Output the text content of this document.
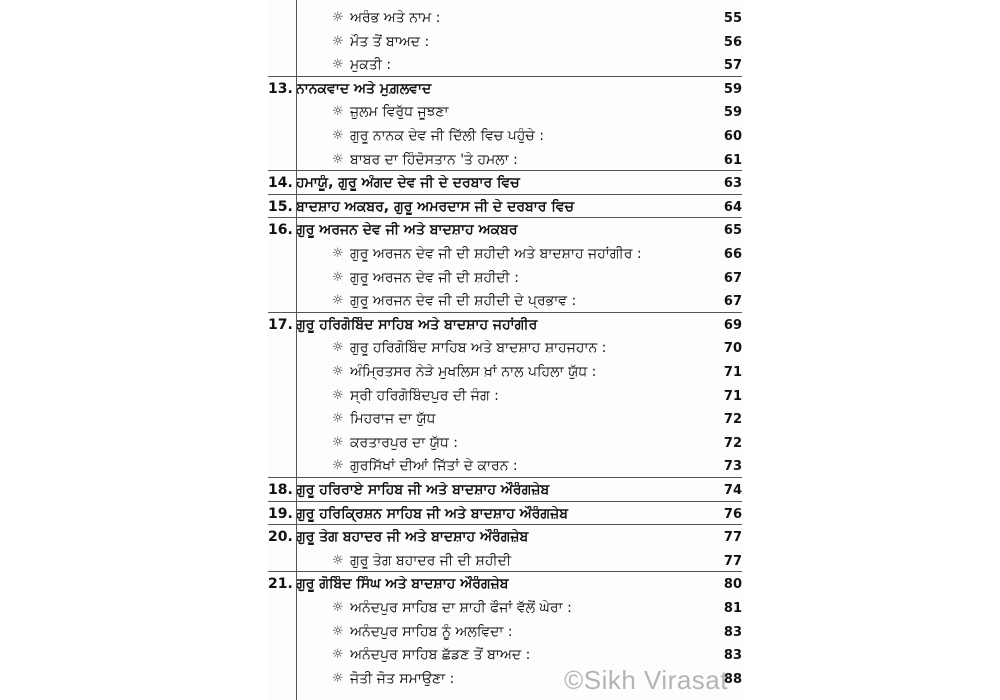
☼ ਅਰੰਭ ਅਤੇ ਨਾਮ :	55
☼ ਮੌਤ ਤੋਂ ਬਾਅਦ :	56
☼ ਮੁਕਤੀ :	57
13. ਨਾਨਕਵਾਦ ਅਤੇ ਮੁਗ਼ਲਵਾਦ	59
☼ ਜ਼ੁਲਮ ਵਿਰੁੱਧ ਜੂਝਣਾ	59
☼ ਗੁਰੂ ਨਾਨਕ ਦੇਵ ਜੀ ਦਿੱਲੀ ਵਿਚ ਪਹੁੰਚੇ :	60
☼ ਬਾਬਰ ਦਾ ਹਿੰਦੋਸਤਾਨ 'ਤੇ ਹਮਲਾ :	61
14. ਹਮਾਯੂੰ, ਗੁਰੂ ਅੰਗਦ ਦੇਵ ਜੀ ਦੇ ਦਰਬਾਰ ਵਿਚ	63
15. ਬਾਦਸ਼ਾਹ ਅਕਬਰ, ਗੁਰੂ ਅਮਰਦਾਸ ਜੀ ਦੇ ਦਰਬਾਰ ਵਿਚ	64
16. ਗੁਰੂ ਅਰਜਨ ਦੇਵ ਜੀ ਅਤੇ ਬਾਦਸ਼ਾਹ ਅਕਬਰ	65
☼ ਗੁਰੂ ਅਰਜਨ ਦੇਵ ਜੀ ਦੀ ਸ਼ਹੀਦੀ ਅਤੇ ਬਾਦਸ਼ਾਹ ਜਹਾਂਗੀਰ :	66
☼ ਗੁਰੂ ਅਰਜਨ ਦੇਵ ਜੀ ਦੀ ਸ਼ਹੀਦੀ :	67
☼ ਗੁਰੂ ਅਰਜਨ ਦੇਵ ਜੀ ਦੀ ਸ਼ਹੀਦੀ ਦੇ ਪ੍ਰਭਾਵ :	67
17. ਗੁਰੂ ਹਰਿਗੋਬਿੰਦ ਸਾਹਿਬ ਅਤੇ ਬਾਦਸ਼ਾਹ ਜਹਾਂਗੀਰ	69
☼ ਗੁਰੂ ਹਰਿਗੋਬਿੰਦ ਸਾਹਿਬ ਅਤੇ ਬਾਦਸ਼ਾਹ ਸ਼ਾਹਜਹਾਨ :	70
☼ ਅੰਮ੍ਰਿਤਸਰ ਨੇੜੇ ਮੁਖਲਿਸ ਖ਼ਾਂ ਨਾਲ ਪਹਿਲਾ ਯੁੱਧ :	71
☼ ਸ੍ਰੀ ਹਰਿਗੋਬਿੰਦਪੁਰ ਦੀ ਜੰਗ :	71
☼ ਮਿਹਰਾਜ ਦਾ ਯੁੱਧ	72
☼ ਕਰਤਾਰਪੁਰ ਦਾ ਯੁੱਧ :	72
☼ ਗੁਰਸਿੱਖਾਂ ਦੀਆਂ ਜਿੱਤਾਂ ਦੇ ਕਾਰਨ :	73
18. ਗੁਰੂ ਹਰਿਰਾਏ ਸਾਹਿਬ ਜੀ ਅਤੇ ਬਾਦਸ਼ਾਹ ਔਰੰਗਜ਼ੇਬ	74
19. ਗੁਰੂ ਹਰਿਕ੍ਰਿਸ਼ਨ ਸਾਹਿਬ ਜੀ ਅਤੇ ਬਾਦਸ਼ਾਹ ਔਰੰਗਜ਼ੇਬ	76
20. ਗੁਰੂ ਤੇਗ ਬਹਾਦਰ ਜੀ ਅਤੇ ਬਾਦਸ਼ਾਹ ਔਰੰਗਜ਼ੇਬ	77
☼ ਗੁਰੂ ਤੇਗ ਬਹਾਦਰ ਜੀ ਦੀ ਸ਼ਹੀਦੀ	77
21. ਗੁਰੂ ਗੋਬਿੰਦ ਸਿੰਘ ਅਤੇ ਬਾਦਸ਼ਾਹ ਔਰੰਗਜ਼ੇਬ	80
☼ ਅਨੰਦਪੁਰ ਸਾਹਿਬ ਦਾ ਸ਼ਾਹੀ ਫੌਜਾਂ ਵੱਲੋਂ ਘੇਰਾ :	81
☼ ਅਨੰਦਪੁਰ ਸਾਹਿਬ ਨੂੰ ਅਲਵਿਦਾ :	83
☼ ਅਨੰਦਪੁਰ ਸਾਹਿਬ ਛੱਡਣ ਤੋਂ ਬਾਅਦ :	83
☼ ਜੋਤੀ ਜੋਤ ਸਮਾਉਣਾ :	88
©Sikh Virasat
